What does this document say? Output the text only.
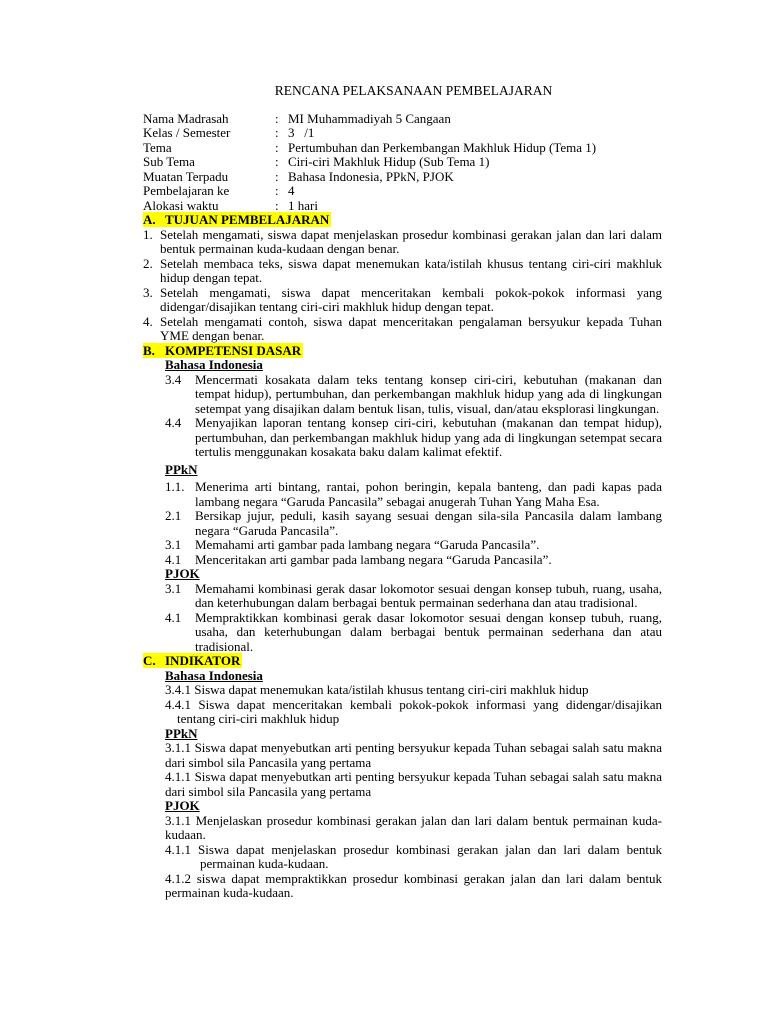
RENCANA PELAKSANAAN PEMBELAJARAN
Nama Madrasah	:	MI Muhammadiyah 5 Cangaan
Kelas / Semester	:	3   /1
Tema	:	Pertumbuhan dan Perkembangan Makhluk Hidup (Tema 1)
Sub Tema	:	Ciri-ciri Makhluk Hidup (Sub Tema 1)
Muatan Terpadu	:	Bahasa Indonesia, PPkN, PJOK
Pembelajaran ke	:	4
Alokasi waktu	:	1 hari
A. TUJUAN PEMBELAJARAN
1. Setelah mengamati, siswa dapat menjelaskan prosedur kombinasi gerakan jalan dan lari dalam bentuk permainan kuda-kudaan dengan benar.
2. Setelah membaca teks, siswa dapat menemukan kata/istilah khusus tentang ciri-ciri makhluk hidup dengan tepat.
3. Setelah mengamati, siswa dapat menceritakan kembali pokok-pokok informasi yang didengar/disajikan tentang ciri-ciri makhluk hidup dengan tepat.
4. Setelah mengamati contoh, siswa dapat menceritakan pengalaman bersyukur kepada Tuhan YME dengan benar.
B. KOMPETENSI DASAR
Bahasa Indonesia
3.4 Mencermati kosakata dalam teks tentang konsep ciri-ciri, kebutuhan (makanan dan tempat hidup), pertumbuhan, dan perkembangan makhluk hidup yang ada di lingkungan setempat yang disajikan dalam bentuk lisan, tulis, visual, dan/atau eksplorasi lingkungan.
4.4 Menyajikan laporan tentang konsep ciri-ciri, kebutuhan (makanan dan tempat hidup), pertumbuhan, dan perkembangan makhluk hidup yang ada di lingkungan setempat secara tertulis menggunakan kosakata baku dalam kalimat efektif.
PPkN
1.1. Menerima arti bintang, rantai, pohon beringin, kepala banteng, dan padi kapas pada lambang negara “Garuda Pancasila” sebagai anugerah Tuhan Yang Maha Esa.
2.1 Bersikap jujur, peduli, kasih sayang sesuai dengan sila-sila Pancasila dalam lambang negara “Garuda Pancasila”.
3.1 Memahami arti gambar pada lambang negara “Garuda Pancasila”.
4.1 Menceritakan arti gambar pada lambang negara “Garuda Pancasila”.
PJOK
3.1 Memahami kombinasi gerak dasar lokomotor sesuai dengan konsep tubuh, ruang, usaha, dan keterhubungan dalam berbagai bentuk permainan sederhana dan atau tradisional.
4.1 Mempraktikkan kombinasi gerak dasar lokomotor sesuai dengan konsep tubuh, ruang, usaha, dan keterhubungan dalam berbagai bentuk permainan sederhana dan atau tradisional.
C. INDIKATOR
Bahasa Indonesia
3.4.1 Siswa dapat menemukan kata/istilah khusus tentang ciri-ciri makhluk hidup
4.4.1 Siswa dapat menceritakan kembali pokok-pokok informasi yang didengar/disajikan tentang ciri-ciri makhluk hidup
PPkN
3.1.1 Siswa dapat menyebutkan arti penting bersyukur kepada Tuhan sebagai salah satu makna dari simbol sila Pancasila yang pertama
4.1.1 Siswa dapat menyebutkan arti penting bersyukur kepada Tuhan sebagai salah satu makna dari simbol sila Pancasila yang pertama
PJOK
3.1.1 Menjelaskan prosedur kombinasi gerakan jalan dan lari dalam bentuk permainan kuda-kudaan.
4.1.1 Siswa dapat menjelaskan prosedur kombinasi gerakan jalan dan lari dalam bentuk permainan kuda-kudaan.
4.1.2 siswa dapat mempraktikkan prosedur kombinasi gerakan jalan dan lari dalam bentuk permainan kuda-kudaan.
